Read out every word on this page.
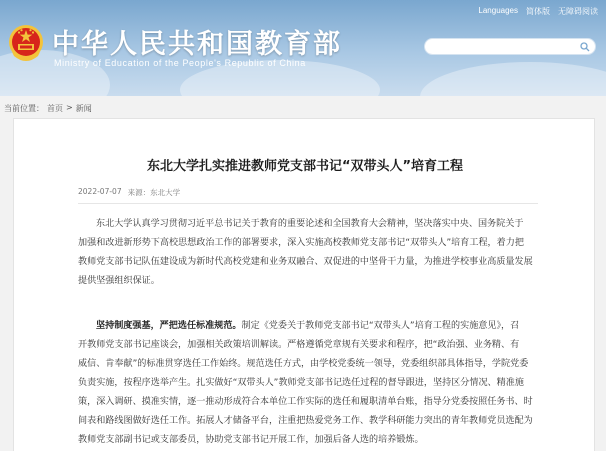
中华人民共和国教育部
Ministry of Education of the People's Republic of China
Languages 简体版 无障碍阅读
当前位置： 首页 > 新闻
东北大学扎实推进教师党支部书记“双带头人”培育工程
2022-07-07 来源：东北大学
东北大学认真学习贯彻习近平总书记关于教育的重要论述和全国教育大会精神，坚决落实中央、国务院关于
加强和改进新形势下高校思想政治工作的部署要求，深入实施高校教师党支部书记“双带头人”培育工程，着力把
教师党支部书记队伍建设成为新时代高校党建和业务双融合、双促进的中坚骨干力量，为推进学校事业高质量发展
提供坚强组织保证。
坚持制度强基，严把选任标准规范。制定《党委关于教师党支部书记“双带头人”培育工程的实施意见》，召
开教师党支部书记座谈会，加强相关政策培训解读。严格遵循党章规有关要求和程序，把“政治强、业务精、有
威信、肯奉献”的标准贯穿选任工作始终。规范选任方式，由学校党委统一领导，党委组织部具体指导，学院党委
负责实施，按程序选举产生。扎实做好“双带头人”教师党支部书记选任过程的督导跟进，坚持区分情况、精准施
策，深入调研、摸准实情，逐一推动形成符合本单位工作实际的选任和履职清单台账，指导分党委按照任务书、时
间表和路线图做好选任工作。拓展人才储备平台，注重把热爱党务工作、教学科研能力突出的青年教师党员选配为
教师党支部副书记或支部委员，协助党支部书记开展工作，加强后备人选的培养锻炼。
